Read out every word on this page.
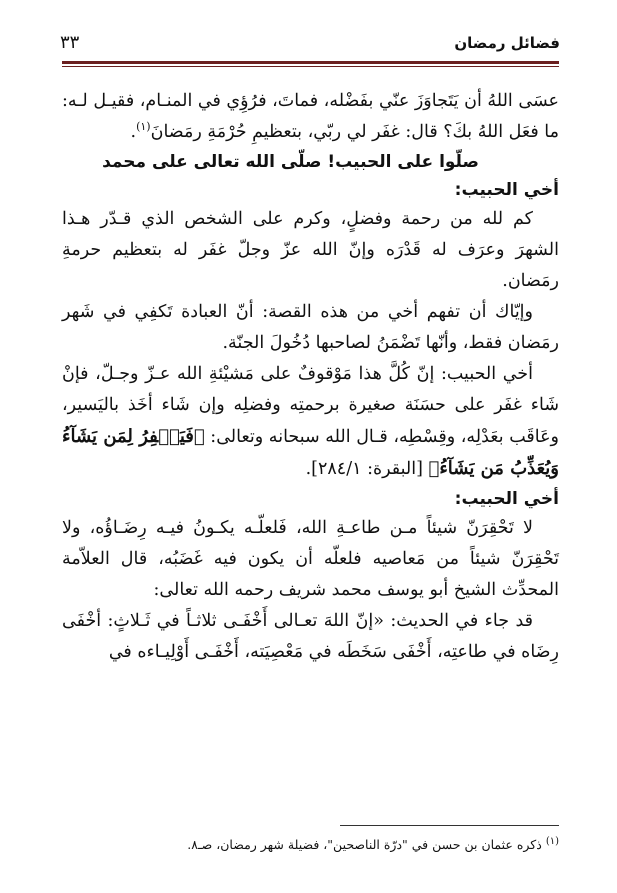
فضائل رمضان
٣٣

عسَى اللهُ أن يَتَجاوَزَ عنّي بفَضْله، فماتَ، فرُؤِي في المنـام، فقيـل لـه: ما فعَل اللهُ بكَ؟ قال: غفَر لي ربّي، بتعظيمِ حُرْمَةِ رمَضانَ$^{(١)}$.

صلّوا على الحبيب! صلّى الله تعالى على محمد

أخي الحبيب:

كم لله من رحمة وفضلٍ، وكرم على الشخص الذي قـدّر هـذا الشهرَ وعرَف له قَدْرَه وإنّ الله عزّ وجلّ غفَر له بتعظيم حرمةِ رمَضان.

وإيّاك أن تفهم أخي من هذه القصة: أنّ العبادة تَكفِي في شَهر رمَضان فقط، وأنّها تَضْمَنُ لصاحبها دُخُولَ الجنّة.

أخي الحبيب: إنّ كُلَّ هذا مَوْقوفٌ على مَشيْئةِ الله عـزّ وجـلّ، فإنْ شَاء غفَر على حسَنَة صغيرة برحمتِه وفضلِه وإن شَاء أخَذ باليَسير، وعَاقَب بعَدْلِه، وقِسْطِه، قـال الله سبحانه وتعالى: ﴿فَيَغۡفِرُ لِمَن يَشَآءُ وَيُعَذِّبُ مَن يَشَآءُ﴾ [البقرة: ٢٨٤/١].

أخي الحبيب:

لا تَحْقِرَنّ شيئاً مـن طاعـةِ الله، فَلعلّـه يكـونُ فيـه رِضَـاؤُه، ولا تَحْقِرَنّ شيئاً من مَعاصيه فلعلّه أن يكون فيه غَضَبُه، قال العلاّمة المحدِّث الشيخ أبو يوسف محمد شريف رحمه الله تعالى:

قد جاء في الحديث: «إنّ اللهَ تعـالى أَخْفَـى ثلاثـاً في ثَـلاثٍ: أخْفَى رِضَاه في طاعتِه، أَخْفَى سَخَطَه في مَعْصِيَته، أَخْفَـى أَوْلِيـاءه في

$^{(١)}$ ذكره عثمان بن حسن في "درّة الناصحين"، فضيلة شهر رمضان، صـ٨.
